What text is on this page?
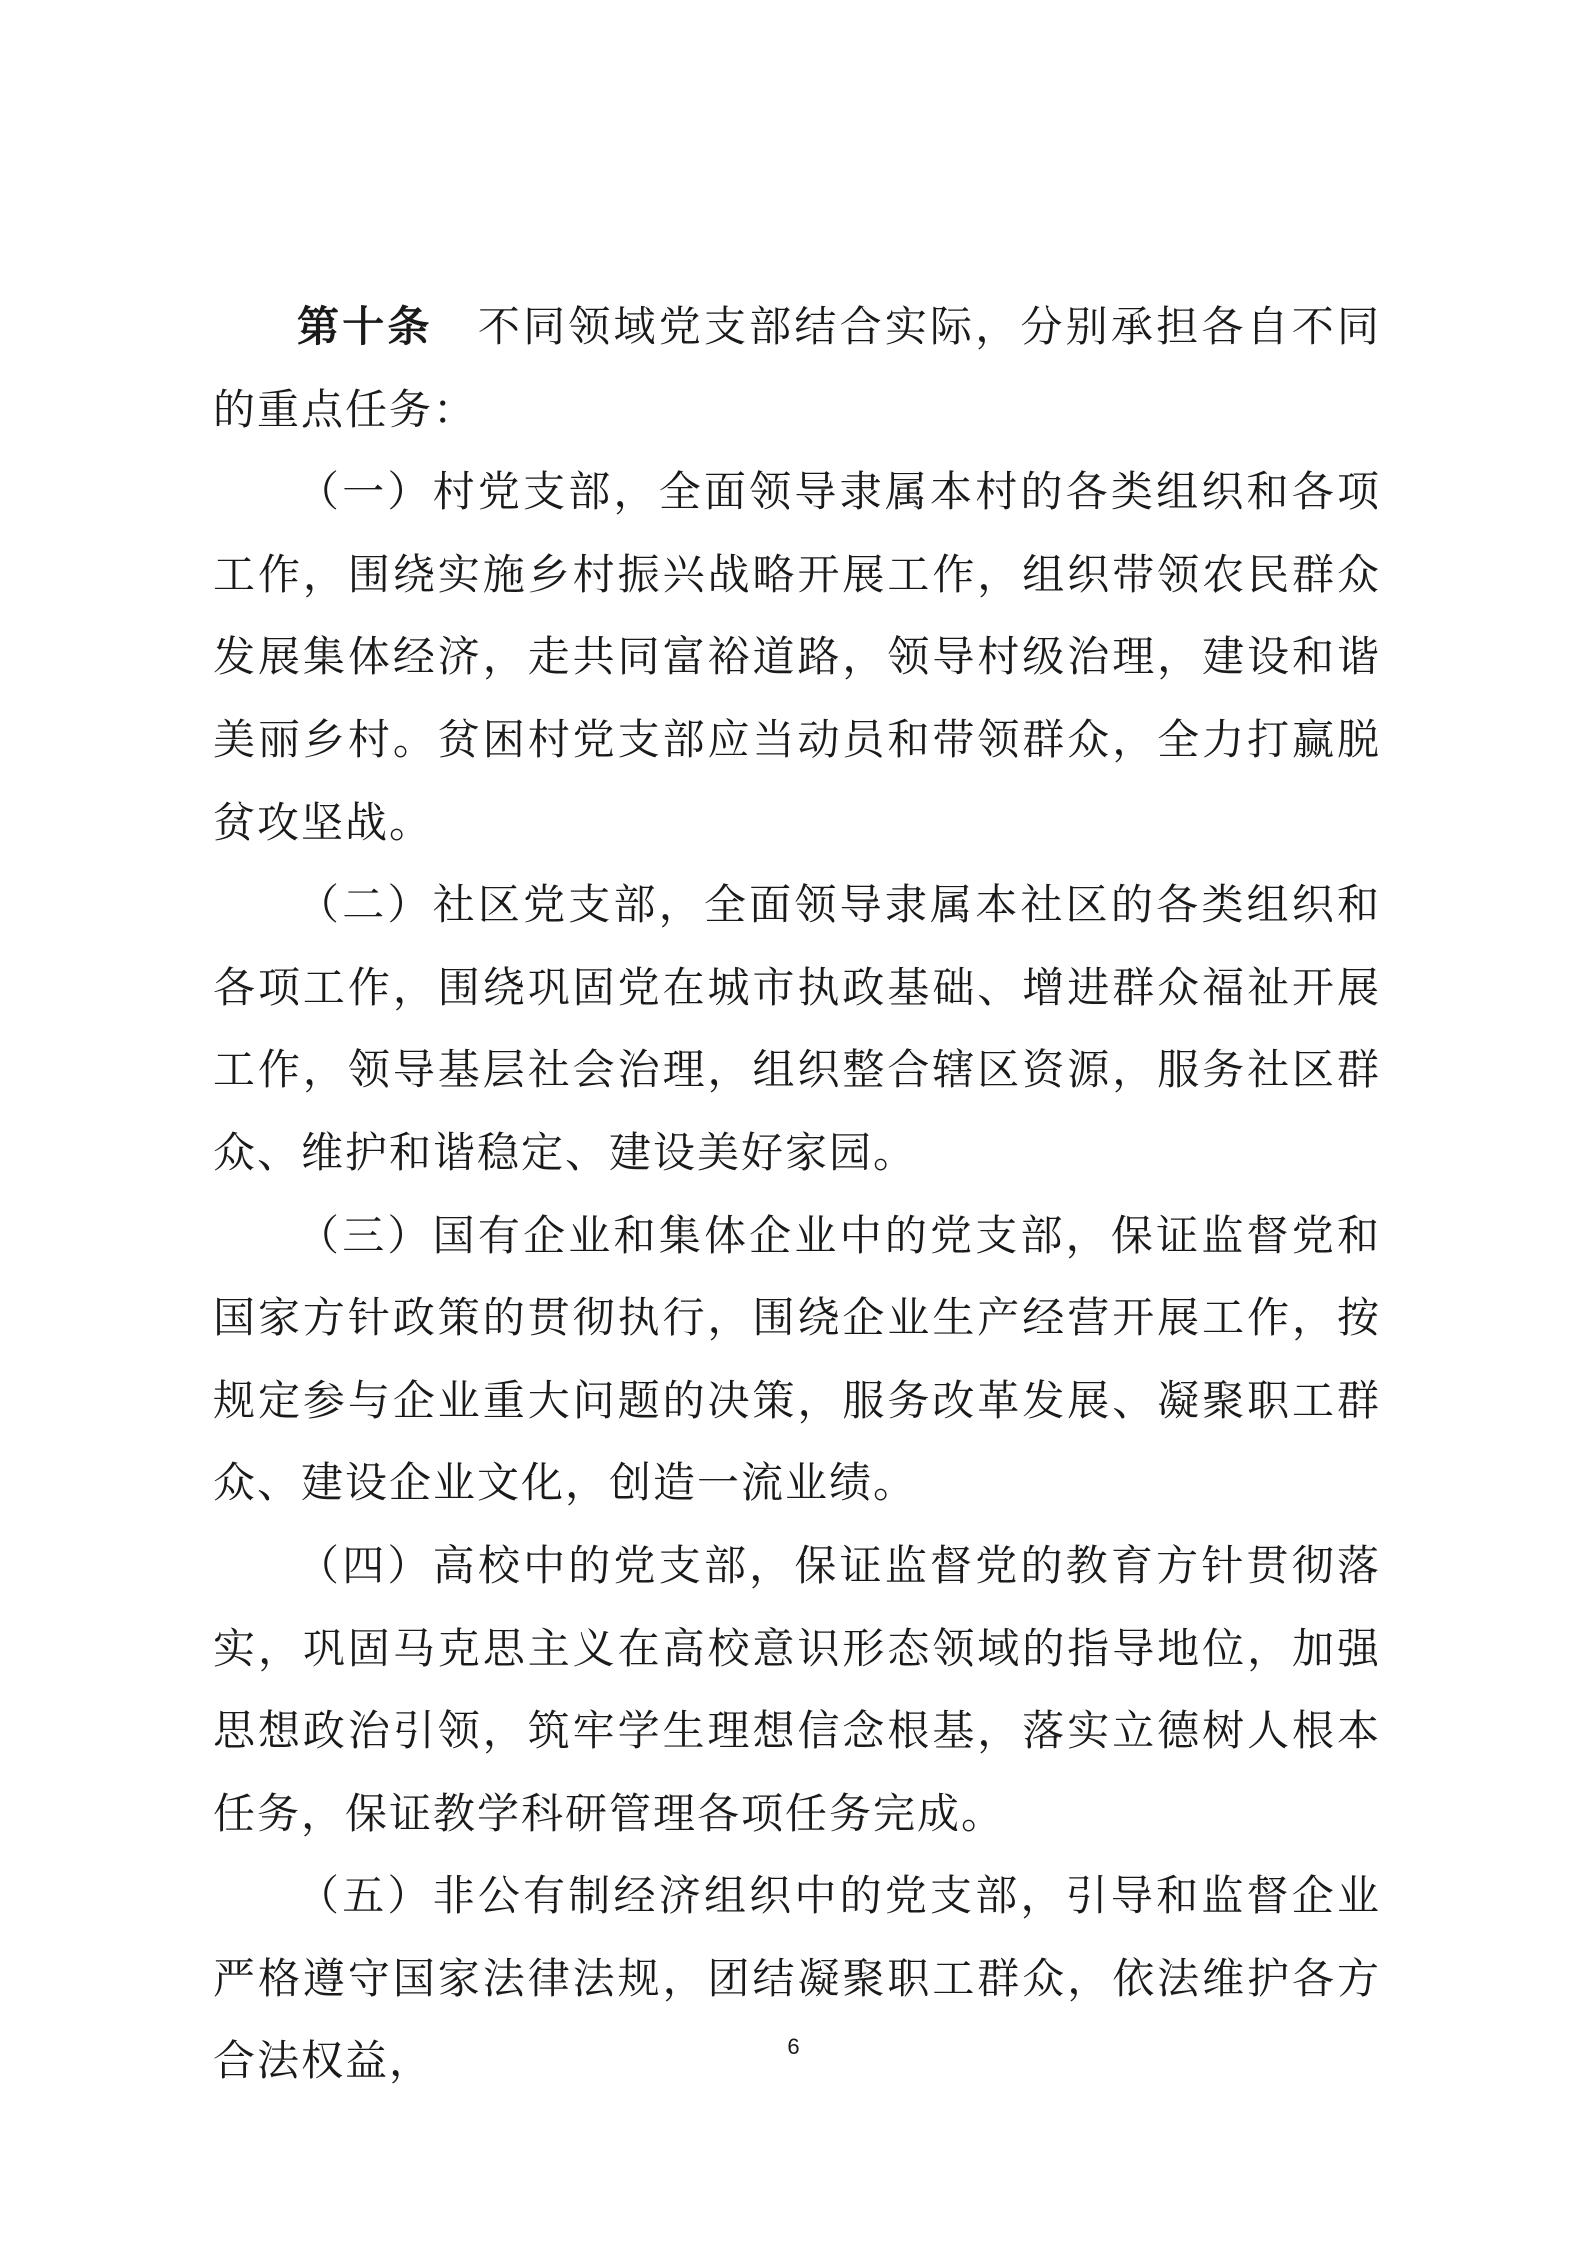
第十条  不同领域党支部结合实际，分别承担各自不同的重点任务：

（一）村党支部，全面领导隶属本村的各类组织和各项工作，围绕实施乡村振兴战略开展工作，组织带领农民群众发展集体经济，走共同富裕道路，领导村级治理，建设和谐美丽乡村。贫困村党支部应当动员和带领群众，全力打赢脱贫攻坚战。

（二）社区党支部，全面领导隶属本社区的各类组织和各项工作，围绕巩固党在城市执政基础、增进群众福祉开展工作，领导基层社会治理，组织整合辖区资源，服务社区群众、维护和谐稳定、建设美好家园。

（三）国有企业和集体企业中的党支部，保证监督党和国家方针政策的贯彻执行，围绕企业生产经营开展工作，按规定参与企业重大问题的决策，服务改革发展、凝聚职工群众、建设企业文化，创造一流业绩。

（四）高校中的党支部，保证监督党的教育方针贯彻落实，巩固马克思主义在高校意识形态领域的指导地位，加强思想政治引领，筑牢学生理想信念根基，落实立德树人根本任务，保证教学科研管理各项任务完成。

（五）非公有制经济组织中的党支部，引导和监督企业严格遵守国家法律法规，团结凝聚职工群众，依法维护各方合法权益，	6
